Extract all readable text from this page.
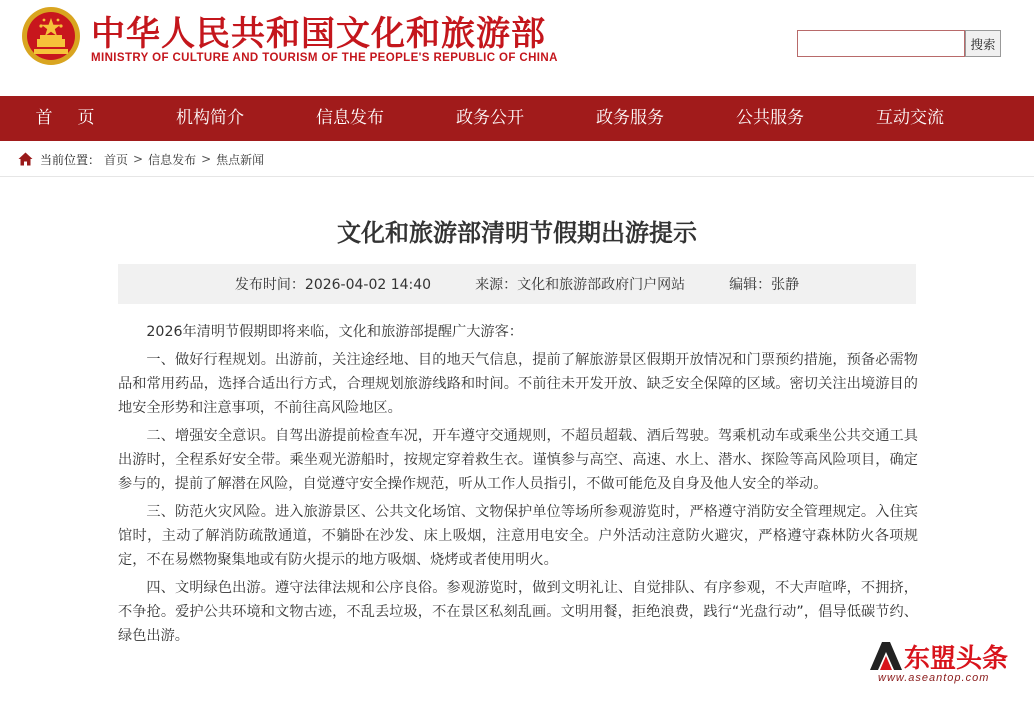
中华人民共和国文化和旅游部
MINISTRY OF CULTURE AND TOURISM OF THE PEOPLE'S REPUBLIC OF CHINA
搜索
首页	机构简介	信息发布	政务公开	政务服务	公共服务	互动交流
当前位置： 首页 > 信息发布 > 焦点新闻
文化和旅游部清明节假期出游提示
发布时间：2026-04-02 14:40	来源：文化和旅游部政府门户网站	编辑：张静

2026年清明节假期即将来临，文化和旅游部提醒广大游客：

一、做好行程规划。出游前，关注途经地、目的地天气信息，提前了解旅游景区假期开放情况和门票预约措施，预备必需物品和常用药品，选择合适出行方式，合理规划旅游线路和时间。不前往未开发开放、缺乏安全保障的区域。密切关注出境游目的地安全形势和注意事项，不前往高风险地区。

二、增强安全意识。自驾出游提前检查车况，开车遵守交通规则，不超员超载、酒后驾驶。驾乘机动车或乘坐公共交通工具出游时，全程系好安全带。乘坐观光游船时，按规定穿着救生衣。谨慎参与高空、高速、水上、潜水、探险等高风险项目，确定参与的，提前了解潜在风险，自觉遵守安全操作规范，听从工作人员指引，不做可能危及自身及他人安全的举动。

三、防范火灾风险。进入旅游景区、公共文化场馆、文物保护单位等场所参观游览时，严格遵守消防安全管理规定。入住宾馆时，主动了解消防疏散通道，不躺卧在沙发、床上吸烟，注意用电安全。户外活动注意防火避灾，严格遵守森林防火各项规定，不在易燃物聚集地或有防火提示的地方吸烟、烧烤或者使用明火。

四、文明绿色出游。遵守法律法规和公序良俗。参观游览时，做到文明礼让、自觉排队、有序参观，不大声喧哗，不拥挤，不争抢。爱护公共环境和文物古迹，不乱丢垃圾，不在景区私刻乱画。文明用餐，拒绝浪费，践行“光盘行动”，倡导低碳节约、绿色出游。

东盟头条
www.aseantop.com
